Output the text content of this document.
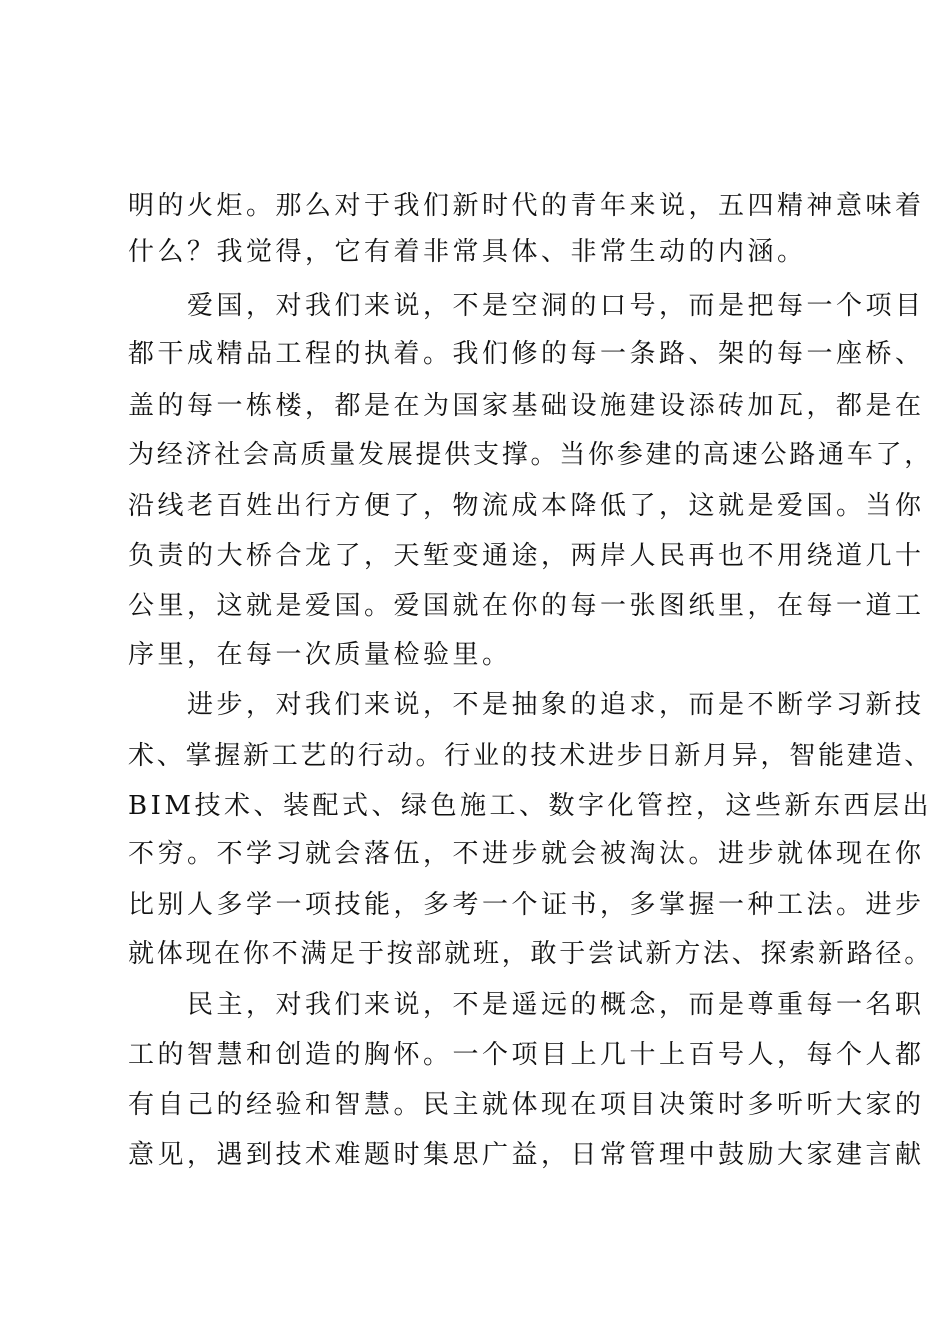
明的火炬。那么对于我们新时代的青年来说，五四精神意味着
什么？我觉得，它有着非常具体、非常生动的内涵。
　　爱国，对我们来说，不是空洞的口号，而是把每一个项目
都干成精品工程的执着。我们修的每一条路、架的每一座桥、
盖的每一栋楼，都是在为国家基础设施建设添砖加瓦，都是在
为经济社会高质量发展提供支撑。当你参建的高速公路通车了，
沿线老百姓出行方便了，物流成本降低了，这就是爱国。当你
负责的大桥合龙了，天堑变通途，两岸人民再也不用绕道几十
公里，这就是爱国。爱国就在你的每一张图纸里，在每一道工
序里，在每一次质量检验里。
　　进步，对我们来说，不是抽象的追求，而是不断学习新技
术、掌握新工艺的行动。行业的技术进步日新月异，智能建造、
BIM技术、装配式、绿色施工、数字化管控，这些新东西层出
不穷。不学习就会落伍，不进步就会被淘汰。进步就体现在你
比别人多学一项技能，多考一个证书，多掌握一种工法。进步
就体现在你不满足于按部就班，敢于尝试新方法、探索新路径。
　　民主，对我们来说，不是遥远的概念，而是尊重每一名职
工的智慧和创造的胸怀。一个项目上几十上百号人，每个人都
有自己的经验和智慧。民主就体现在项目决策时多听听大家的
意见，遇到技术难题时集思广益，日常管理中鼓励大家建言献
